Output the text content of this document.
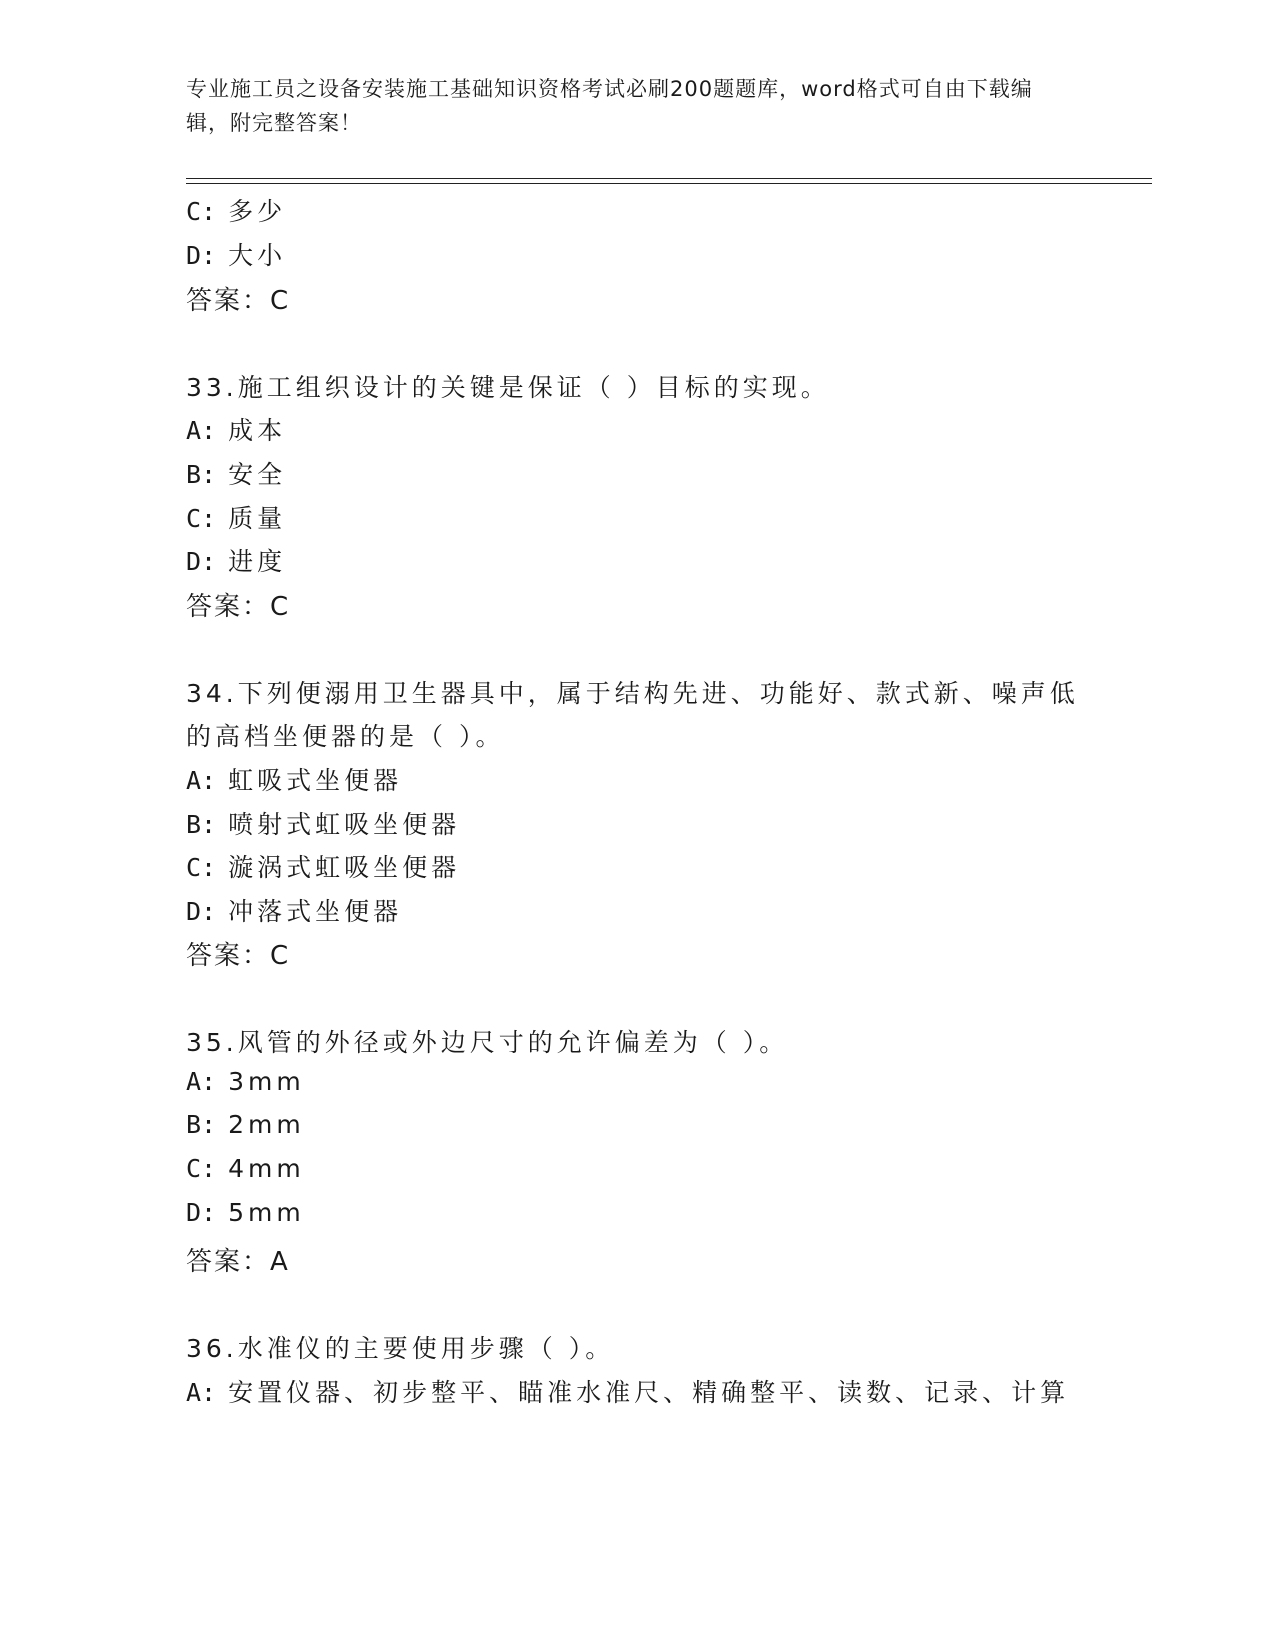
专业施工员之设备安装施工基础知识资格考试必刷200题题库，word格式可自由下载编辑，附完整答案！
C: 多少
D: 大小
答案：C
33.施工组织设计的关键是保证（ ）目标的实现。
A: 成本
B: 安全
C: 质量
D: 进度
答案：C
34.下列便溺用卫生器具中，属于结构先进、功能好、款式新、噪声低
的高档坐便器的是（ ）。
A: 虹吸式坐便器
B: 喷射式虹吸坐便器
C: 漩涡式虹吸坐便器
D: 冲落式坐便器
答案：C
35.风管的外径或外边尺寸的允许偏差为（ ）。
A: 3mm
B: 2mm
C: 4mm
D: 5mm
答案：A
36.水准仪的主要使用步骤（ ）。
A: 安置仪器、初步整平、瞄准水准尺、精确整平、读数、记录、计算
